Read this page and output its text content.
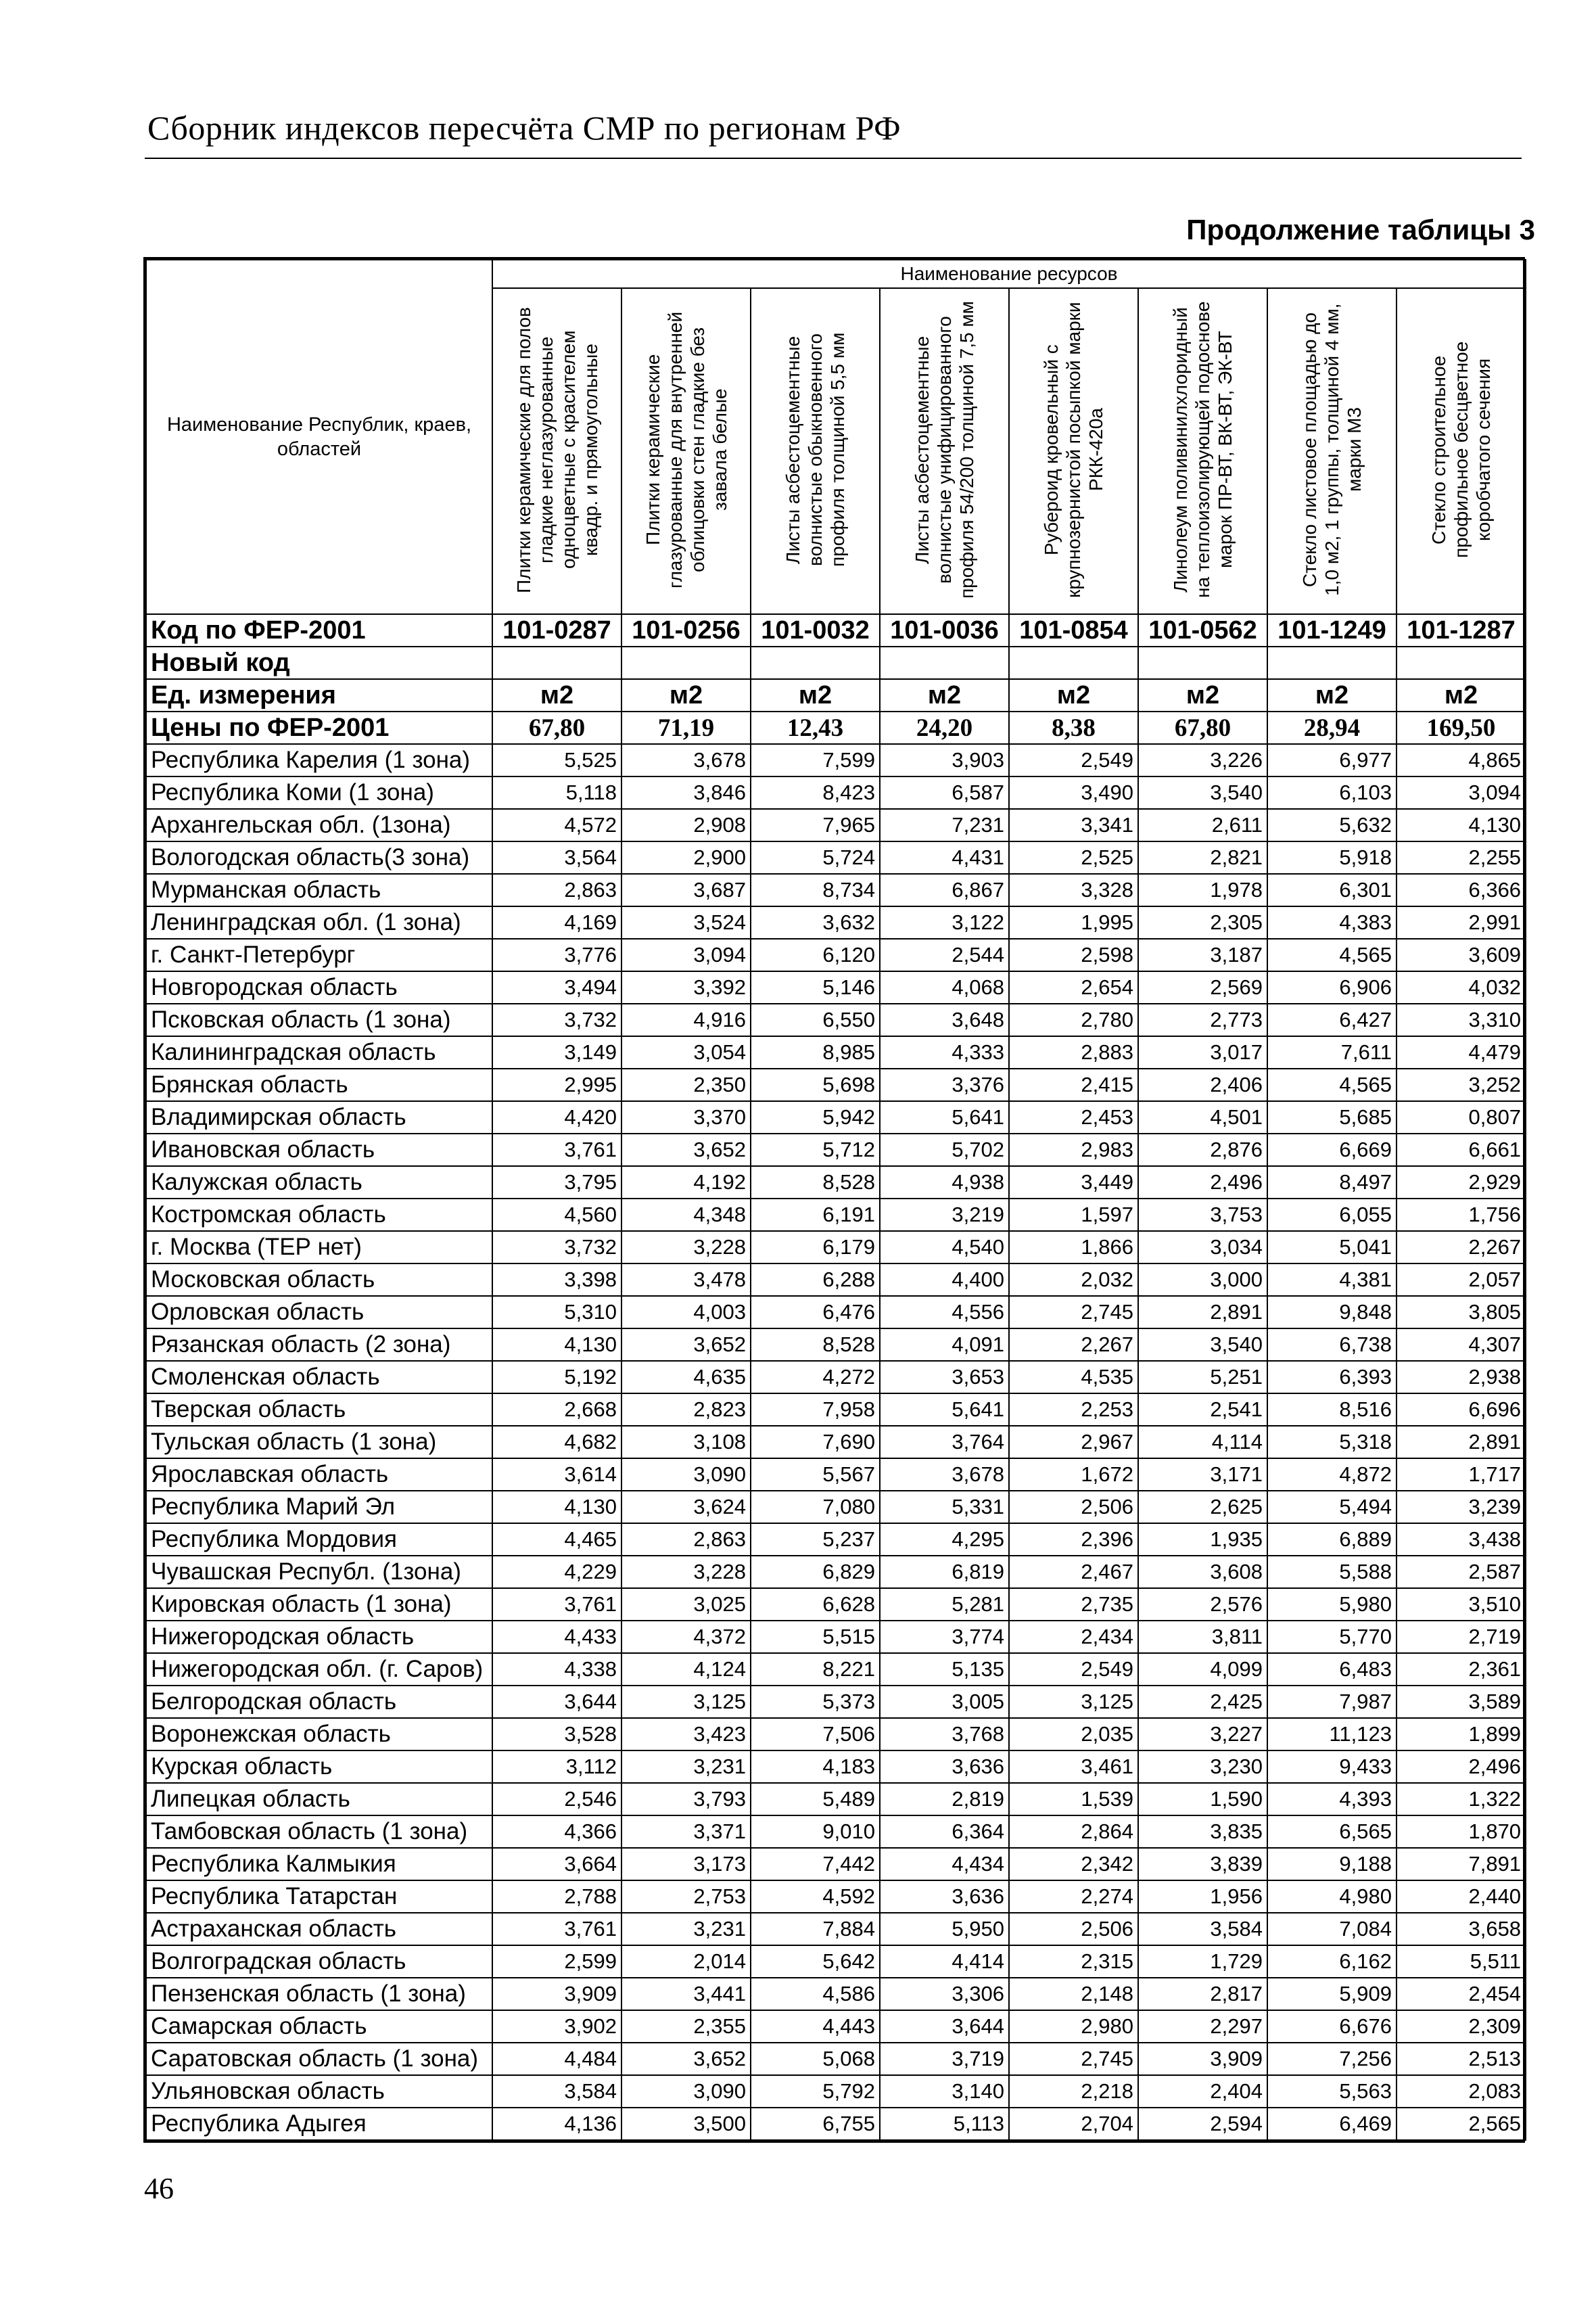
Сборник индексов пересчёта СМР по регионам РФ
Продолжение таблицы 3
Наименование Республик, краев, областей	Наименование ресурсов							
	Плитки керамические для полов гладкие неглазурованные одноцветные с красителем квадр. и прямоугольные	Плитки керамические глазурованные для внутренней облицовки стен гладкие без завала белые	Листы асбестоцементные волнистые обыкновенного профиля толщиной 5,5 мм	Листы асбестоцементные волнистые унифицированного профиля 54/200 толщиной 7,5 мм	Рубероид кровельный с крупнозернистой посыпкой марки РКК-420а	Линолеум поливинилхлоридный на теплоизолирующей подоснове марок ПР-ВТ, ВК-ВТ, ЭК-ВТ	Стекло листовое площадью до 1,0 м2, 1 группы, толщиной 4 мм, марки М3	Стекло строительное профильное бесцветное коробчатого сечения
Код по ФЕР-2001	101-0287	101-0256	101-0032	101-0036	101-0854	101-0562	101-1249	101-1287
Новый код								
Ед. измерения	м2	м2	м2	м2	м2	м2	м2	м2
Цены по ФЕР-2001	67,80	71,19	12,43	24,20	8,38	67,80	28,94	169,50
Республика Карелия (1 зона)	5,525	3,678	7,599	3,903	2,549	3,226	6,977	4,865
Республика Коми (1 зона)	5,118	3,846	8,423	6,587	3,490	3,540	6,103	3,094
Архангельская обл. (1зона)	4,572	2,908	7,965	7,231	3,341	2,611	5,632	4,130
Вологодская область(3 зона)	3,564	2,900	5,724	4,431	2,525	2,821	5,918	2,255
Мурманская область	2,863	3,687	8,734	6,867	3,328	1,978	6,301	6,366
Ленинградская обл. (1 зона)	4,169	3,524	3,632	3,122	1,995	2,305	4,383	2,991
г. Санкт-Петербург	3,776	3,094	6,120	2,544	2,598	3,187	4,565	3,609
Новгородская область	3,494	3,392	5,146	4,068	2,654	2,569	6,906	4,032
Псковская область (1 зона)	3,732	4,916	6,550	3,648	2,780	2,773	6,427	3,310
Калининградская область	3,149	3,054	8,985	4,333	2,883	3,017	7,611	4,479
Брянская область	2,995	2,350	5,698	3,376	2,415	2,406	4,565	3,252
Владимирская область	4,420	3,370	5,942	5,641	2,453	4,501	5,685	0,807
Ивановская область	3,761	3,652	5,712	5,702	2,983	2,876	6,669	6,661
Калужская область	3,795	4,192	8,528	4,938	3,449	2,496	8,497	2,929
Костромская область	4,560	4,348	6,191	3,219	1,597	3,753	6,055	1,756
г. Москва (ТЕР нет)	3,732	3,228	6,179	4,540	1,866	3,034	5,041	2,267
Московская область	3,398	3,478	6,288	4,400	2,032	3,000	4,381	2,057
Орловская область	5,310	4,003	6,476	4,556	2,745	2,891	9,848	3,805
Рязанская область (2 зона)	4,130	3,652	8,528	4,091	2,267	3,540	6,738	4,307
Смоленская область	5,192	4,635	4,272	3,653	4,535	5,251	6,393	2,938
Тверская область	2,668	2,823	7,958	5,641	2,253	2,541	8,516	6,696
Тульская область (1 зона)	4,682	3,108	7,690	3,764	2,967	4,114	5,318	2,891
Ярославская область	3,614	3,090	5,567	3,678	1,672	3,171	4,872	1,717
Республика Марий Эл	4,130	3,624	7,080	5,331	2,506	2,625	5,494	3,239
Республика Мордовия	4,465	2,863	5,237	4,295	2,396	1,935	6,889	3,438
Чувашская Республ. (1зона)	4,229	3,228	6,829	6,819	2,467	3,608	5,588	2,587
Кировская область (1 зона)	3,761	3,025	6,628	5,281	2,735	2,576	5,980	3,510
Нижегородская область	4,433	4,372	5,515	3,774	2,434	3,811	5,770	2,719
Нижегородская обл. (г. Саров)	4,338	4,124	8,221	5,135	2,549	4,099	6,483	2,361
Белгородская область	3,644	3,125	5,373	3,005	3,125	2,425	7,987	3,589
Воронежская область	3,528	3,423	7,506	3,768	2,035	3,227	11,123	1,899
Курская область	3,112	3,231	4,183	3,636	3,461	3,230	9,433	2,496
Липецкая область	2,546	3,793	5,489	2,819	1,539	1,590	4,393	1,322
Тамбовская область (1 зона)	4,366	3,371	9,010	6,364	2,864	3,835	6,565	1,870
Республика Калмыкия	3,664	3,173	7,442	4,434	2,342	3,839	9,188	7,891
Республика Татарстан	2,788	2,753	4,592	3,636	2,274	1,956	4,980	2,440
Астраханская область	3,761	3,231	7,884	5,950	2,506	3,584	7,084	3,658
Волгоградская область	2,599	2,014	5,642	4,414	2,315	1,729	6,162	5,511
Пензенская область (1 зона)	3,909	3,441	4,586	3,306	2,148	2,817	5,909	2,454
Самарская область	3,902	2,355	4,443	3,644	2,980	2,297	6,676	2,309
Саратовская область (1 зона)	4,484	3,652	5,068	3,719	2,745	3,909	7,256	2,513
Ульяновская область	3,584	3,090	5,792	3,140	2,218	2,404	5,563	2,083
Республика Адыгея	4,136	3,500	6,755	5,113	2,704	2,594	6,469	2,565
46
